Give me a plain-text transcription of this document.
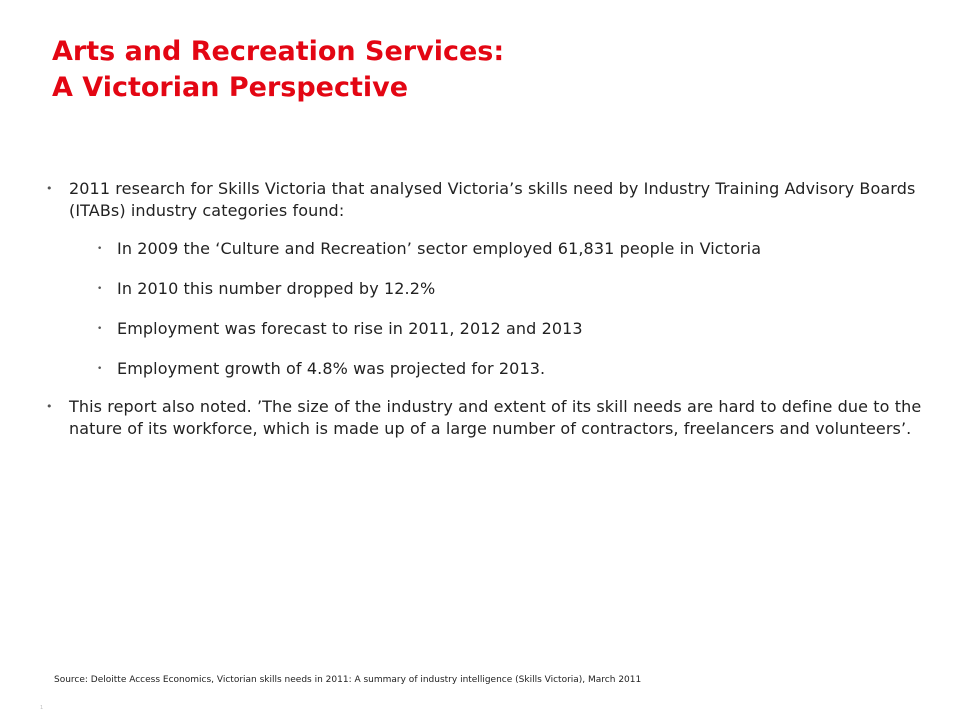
Arts and Recreation Services:
A Victorian Perspective
• 2011 research for Skills Victoria that analysed Victoria’s skills need by Industry Training Advisory Boards (ITABs) industry categories found:
• In 2009 the ‘Culture and Recreation’ sector employed 61,831 people in Victoria
• In 2010 this number dropped by 12.2%
• Employment was forecast to rise in 2011, 2012 and 2013
• Employment growth of 4.8% was projected for 2013.
• This report also noted. ’The size of the industry and extent of its skill needs are hard to define due to the nature of its workforce, which is made up of a large number of contractors, freelancers and volunteers’.
Source: Deloitte Access Economics, Victorian skills needs in 2011: A summary of industry intelligence (Skills Victoria), March 2011
1
